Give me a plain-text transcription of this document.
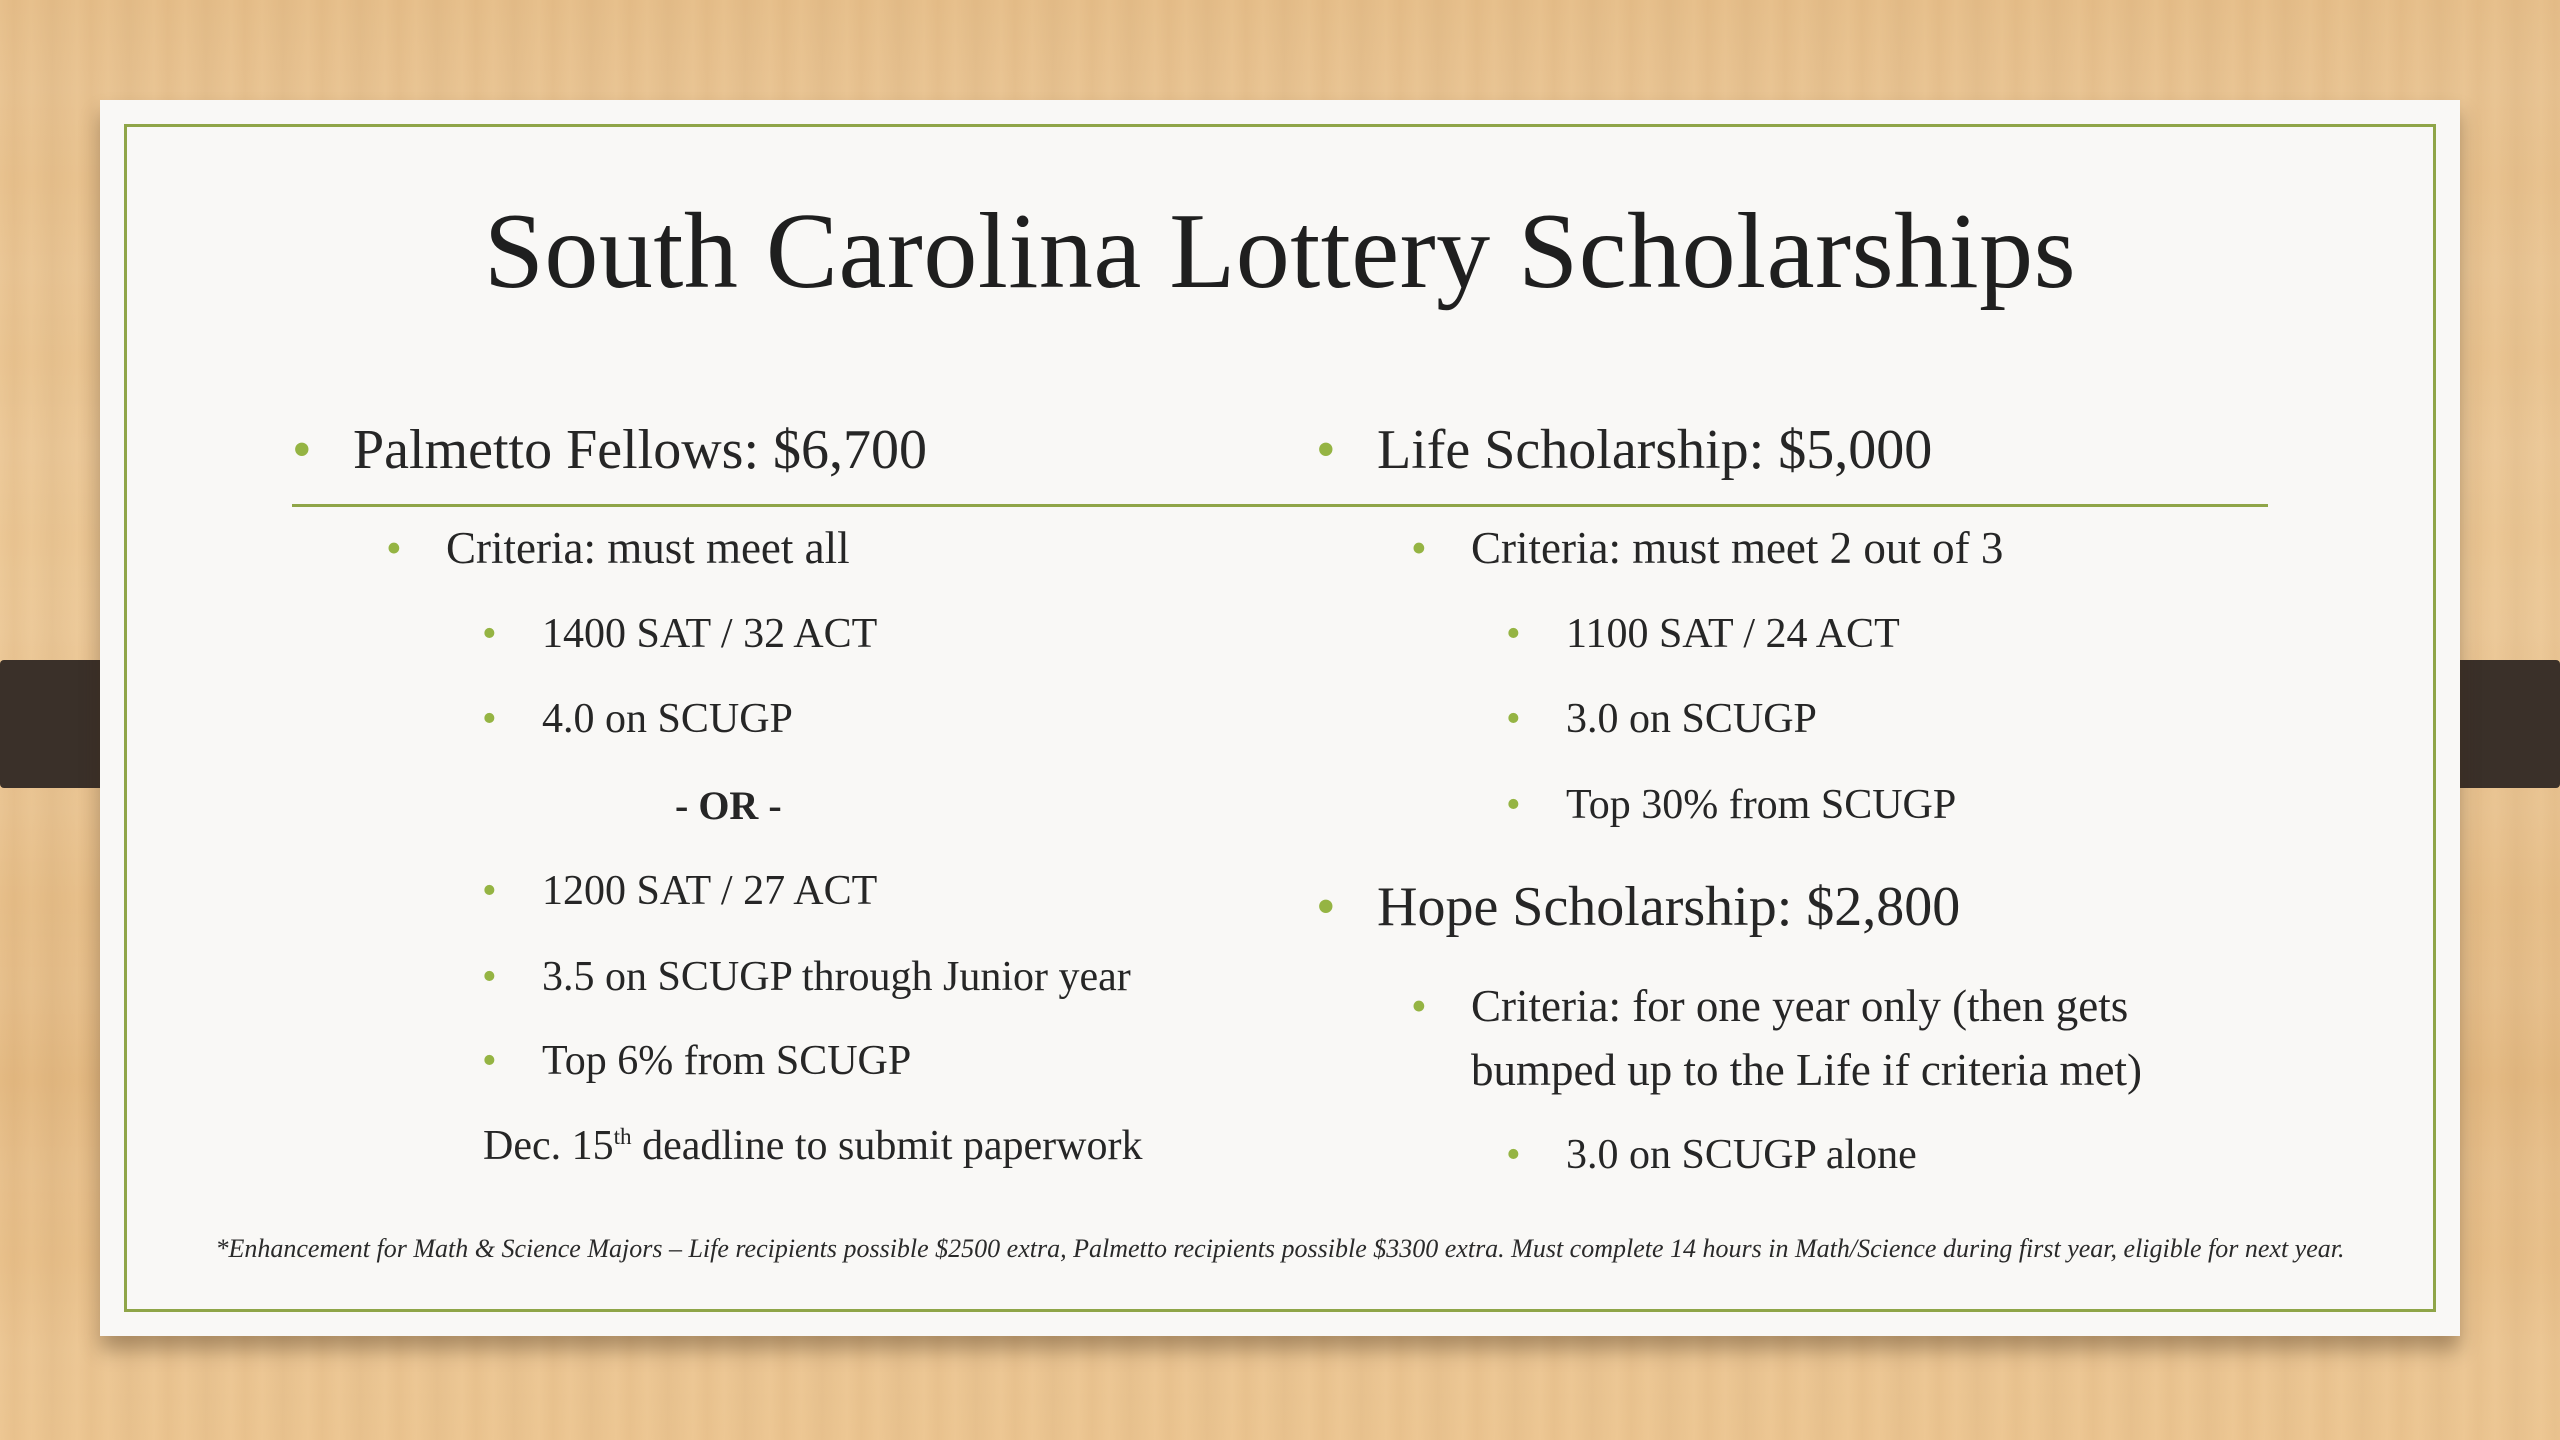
South Carolina Lottery Scholarships
• Palmetto Fellows: $6,700
• Criteria: must meet all
• 1400 SAT / 32 ACT
• 4.0 on SCUGP
- OR -
• 1200 SAT / 27 ACT
• 3.5 on SCUGP through Junior year
• Top 6% from SCUGP
Dec. 15th deadline to submit paperwork
• Life Scholarship: $5,000
• Criteria: must meet 2 out of 3
• 1100 SAT / 24 ACT
• 3.0 on SCUGP
• Top 30% from SCUGP
• Hope Scholarship: $2,800
• Criteria: for one year only (then gets
bumped up to the Life if criteria met)
• 3.0 on SCUGP alone
*Enhancement for Math & Science Majors – Life recipients possible $2500 extra, Palmetto recipients possible $3300 extra. Must complete 14 hours in Math/Science during first year, eligible for next year.
